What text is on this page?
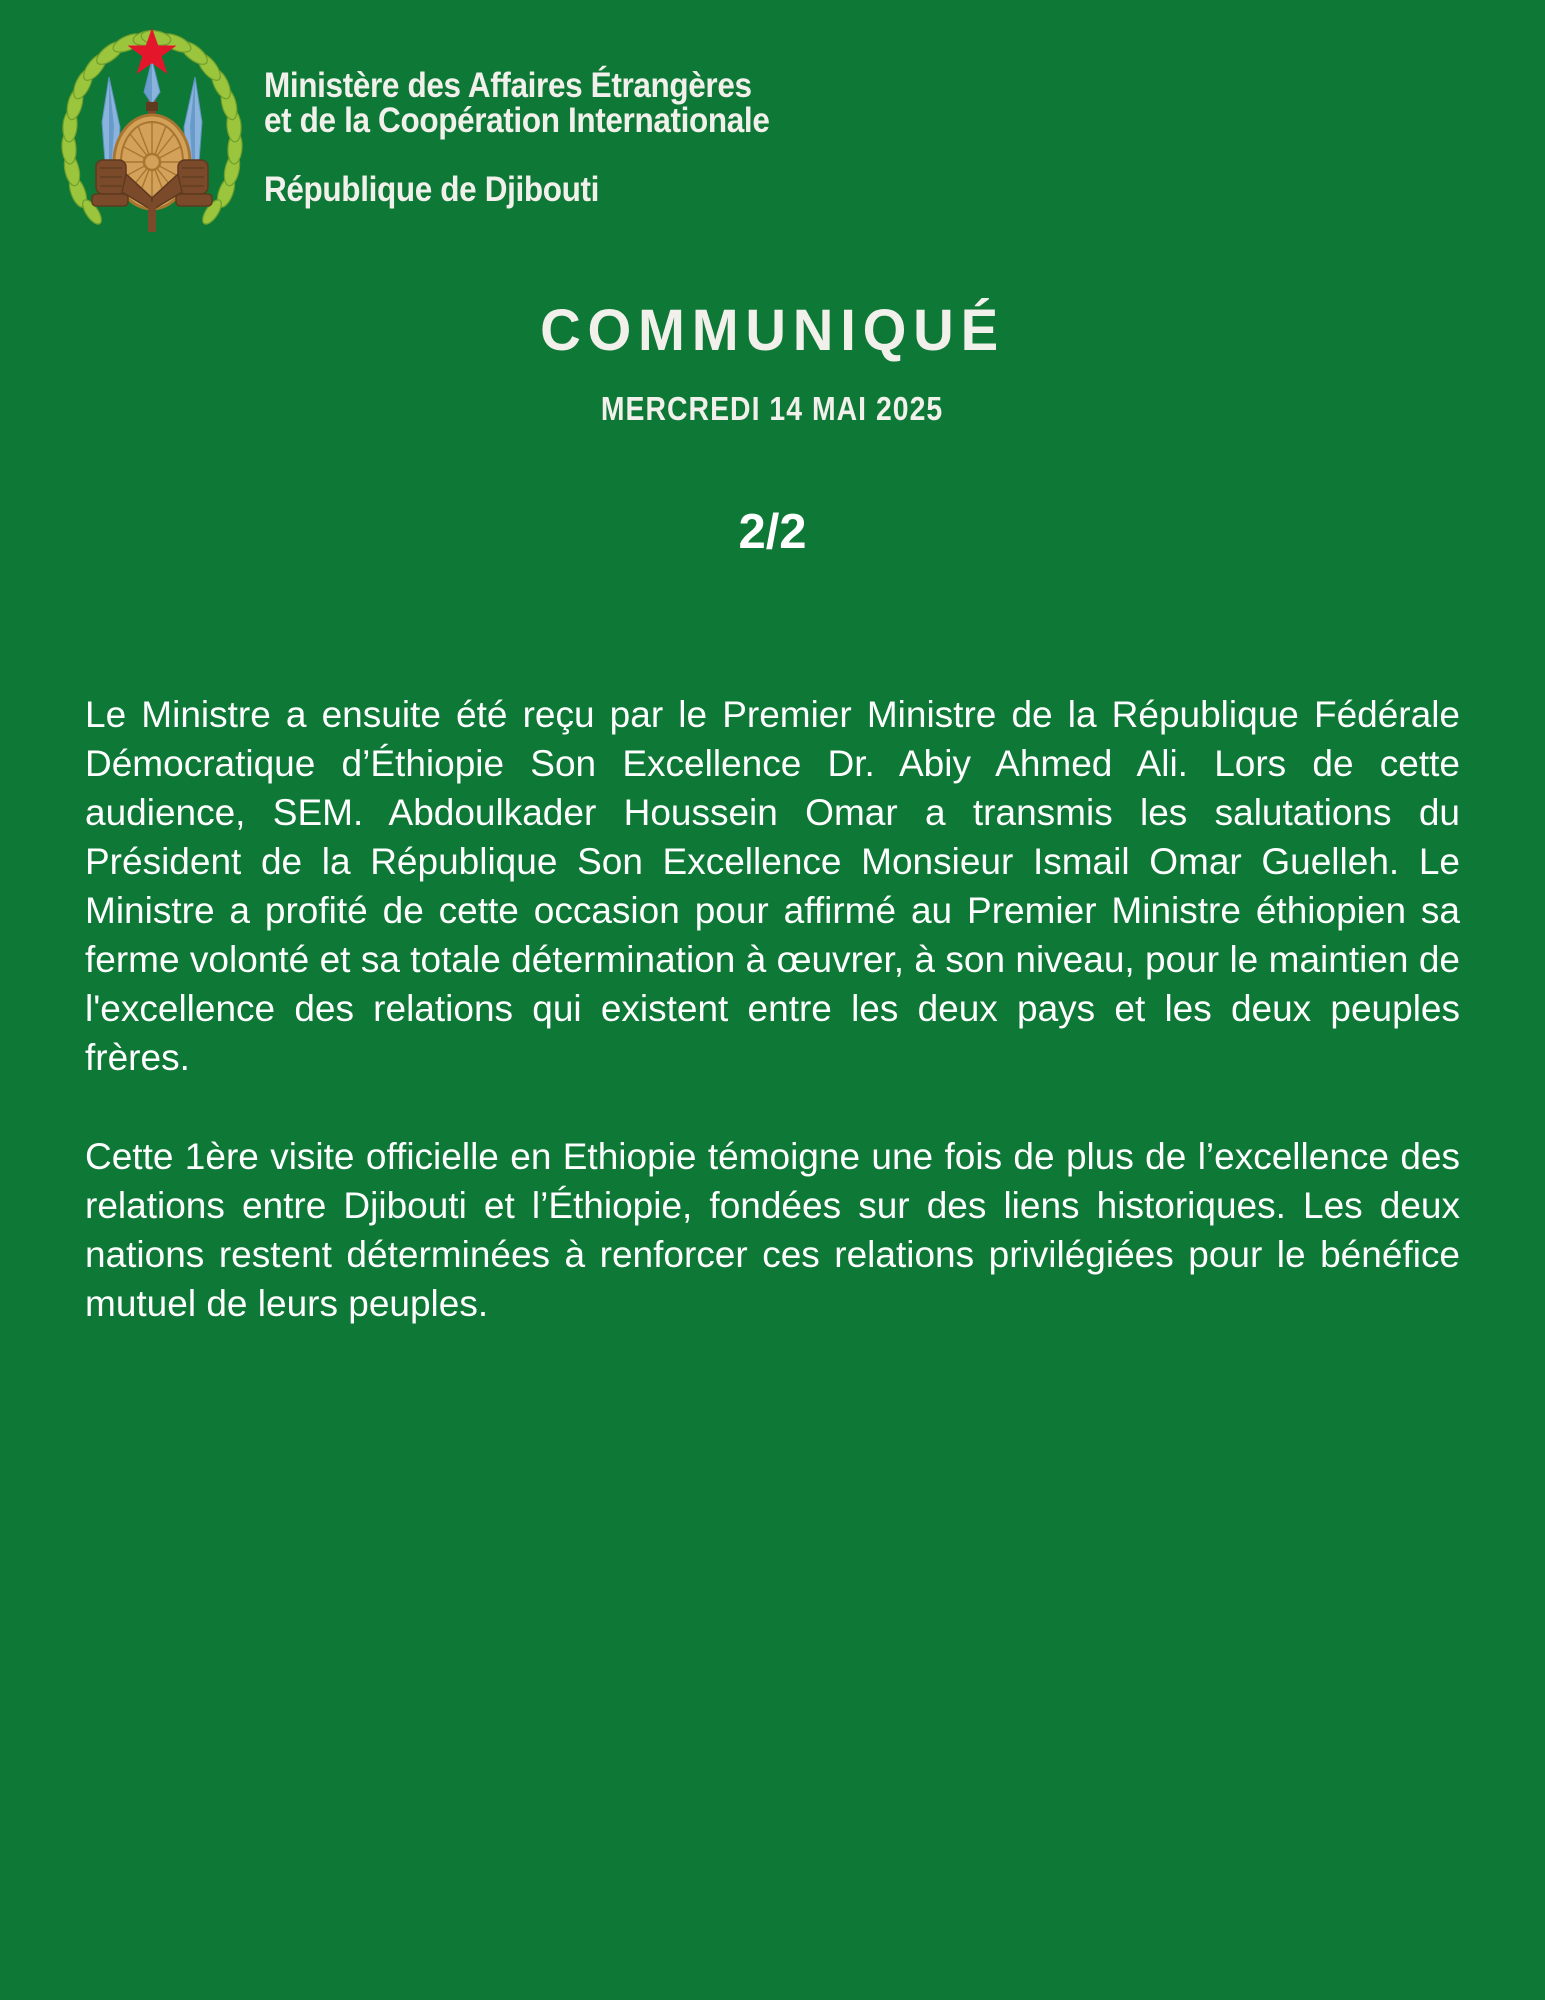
Ministère des Affaires Étrangères
et de la Coopération Internationale
République de Djibouti
COMMUNIQUÉ
MERCREDI 14 MAI 2025
2/2

Le Ministre a ensuite été reçu par le Premier Ministre de la République Fédérale Démocratique d’Éthiopie Son Excellence Dr. Abiy Ahmed Ali. Lors de cette audience, SEM. Abdoulkader Houssein Omar a transmis les salutations du Président de la République Son Excellence Monsieur Ismail Omar Guelleh. Le Ministre a profité de cette occasion pour affirmé au Premier Ministre éthiopien sa ferme volonté et sa totale détermination à œuvrer, à son niveau, pour le maintien de l'excellence des relations qui existent entre les deux pays et les deux peuples frères.

Cette 1ère visite officielle en Ethiopie témoigne une fois de plus de l’excellence des relations entre Djibouti et l’Éthiopie, fondées sur des liens historiques. Les deux nations restent déterminées à renforcer ces relations privilégiées pour le bénéfice mutuel de leurs peuples.
